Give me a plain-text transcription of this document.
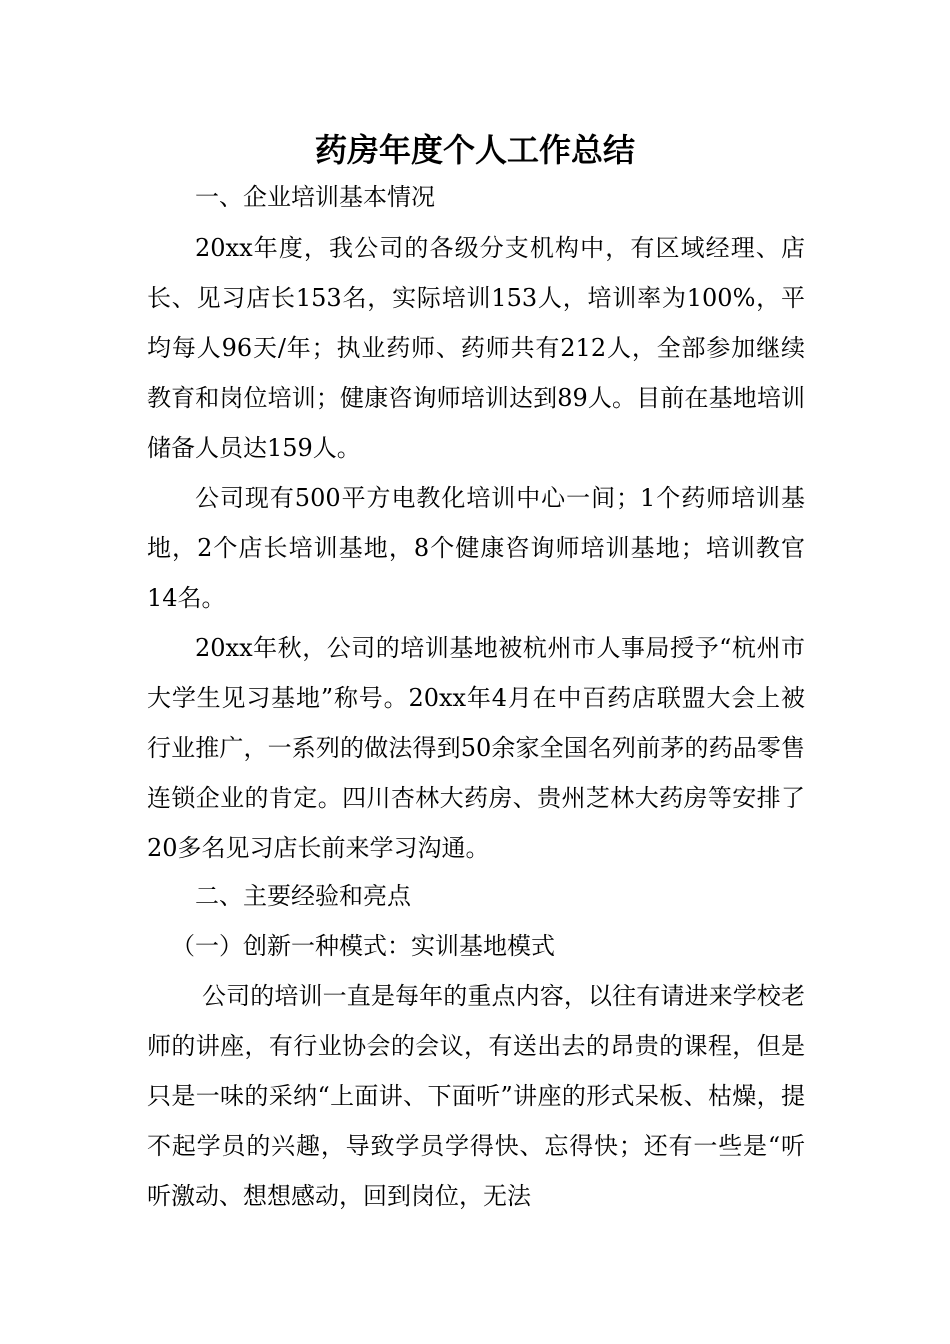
药房年度个人工作总结

一、企业培训基本情况

20xx年度，我公司的各级分支机构中，有区域经理、店长、见习店长153名，实际培训153人，培训率为100%，平均每人96天/年；执业药师、药师共有212人，全部参加继续教育和岗位培训；健康咨询师培训达到89人。目前在基地培训储备人员达159人。

公司现有500平方电教化培训中心一间；1个药师培训基地，2个店长培训基地，8个健康咨询师培训基地；培训教官14名。

20xx年秋，公司的培训基地被杭州市人事局授予“杭州市大学生见习基地”称号。20xx年4月在中百药店联盟大会上被行业推广，一系列的做法得到50余家全国名列前茅的药品零售连锁企业的肯定。四川杏林大药房、贵州芝林大药房等安排了20多名见习店长前来学习沟通。

二、主要经验和亮点

（一）创新一种模式：实训基地模式

公司的培训一直是每年的重点内容，以往有请进来学校老师的讲座，有行业协会的会议，有送出去的昂贵的课程，但是只是一味的采纳“上面讲、下面听”讲座的形式呆板、枯燥，提不起学员的兴趣，导致学员学得快、忘得快；还有一些是“听听激动、想想感动，回到岗位，无法
